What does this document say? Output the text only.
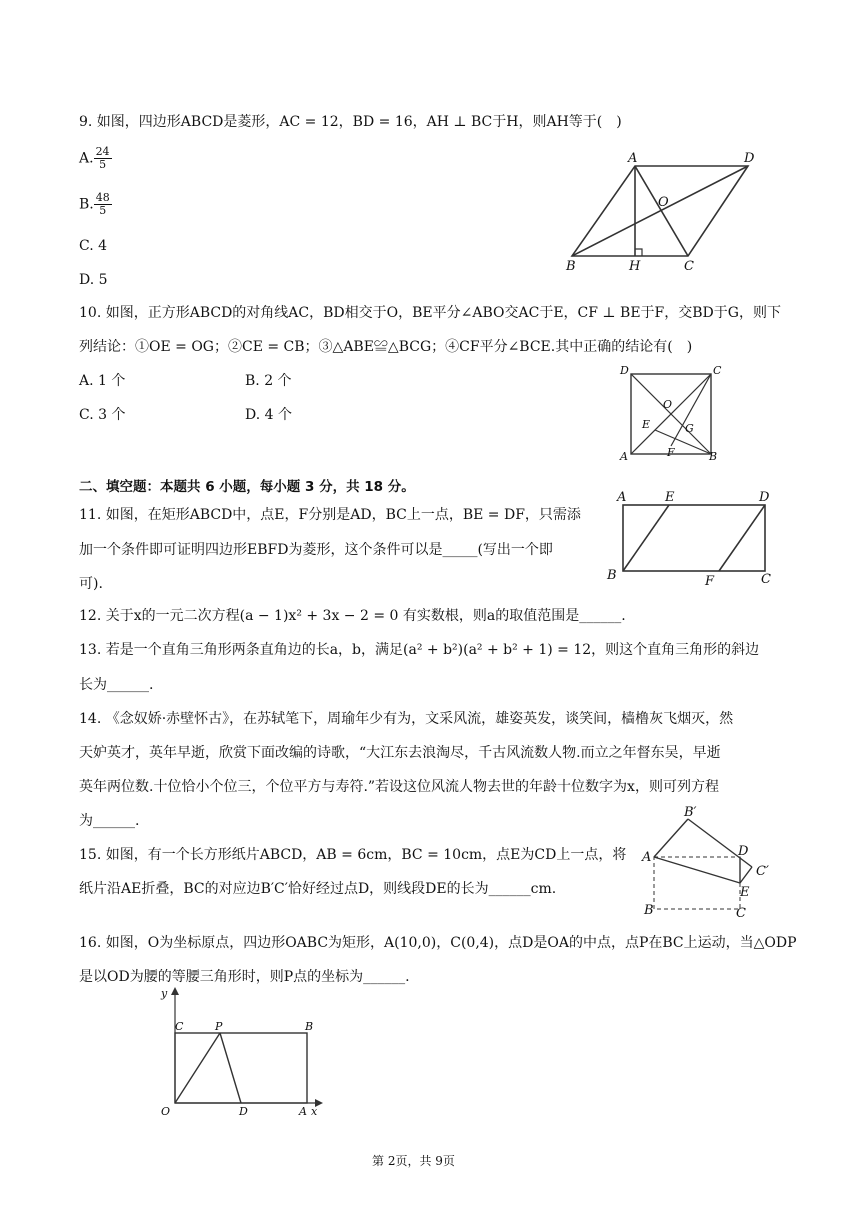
9. 如图，四边形ABCD是菱形，AC = 12，BD = 16，AH ⊥ BC于H，则AH等于(　)
A. $\frac{24}{5}$
B. $\frac{48}{5}$
C. 4
D. 5
A	D
O
B	H	C
10. 如图，正方形ABCD的对角线AC，BD相交于O，BE平分∠ABO交AC于E，CF ⊥ BE于F，交BD于G，则下
列结论：①OE = OG；②CE = CB；③△ABE≌△BCG；④CF平分∠BCE.其中正确的结论有(　)
A. 1 个	B. 2 个
C. 3 个	D. 4 个
D	C
O
E	G
A	F	B
二、填空题：本题共 6 小题，每小题 3 分，共 18 分。
11. 如图，在矩形ABCD中，点E，F分别是AD，BC上一点，BE = DF，只需添
加一个条件即可证明四边形EBFD为菱形，这个条件可以是_____(写出一个即
可).
A	E	D
B	F	C
12. 关于x的一元二次方程(a − 1)x² + 3x − 2 = 0 有实数根，则a的取值范围是______.
13. 若是一个直角三角形两条直角边的长a，b，满足(a² + b²)(a² + b² + 1) = 12，则这个直角三角形的斜边
长为______.
14. 《念奴娇·赤壁怀古》，在苏轼笔下，周瑜年少有为，文采风流，雄姿英发，谈笑间，樯橹灰飞烟灭，然
天妒英才，英年早逝，欣赏下面改编的诗歌，“大江东去浪淘尽，千古风流数人物.而立之年督东吴，早逝
英年两位数.十位恰小个位三，个位平方与寿符.”若设这位风流人物去世的年龄十位数字为x，则可列方程
为______.
15. 如图，有一个长方形纸片ABCD，AB = 6cm，BC = 10cm，点E为CD上一点，将
纸片沿AE折叠，BC的对应边B′C′恰好经过点D，则线段DE的长为______cm.
B′
A	D
C′
E
B	C
16. 如图，O为坐标原点，四边形OABC为矩形，A(10,0)，C(0,4)，点D是OA的中点，点P在BC上运动，当△ODP
是以OD为腰的等腰三角形时，则P点的坐标为______.
y
C	P	B
O	D	A x
第 2页，共 9页
